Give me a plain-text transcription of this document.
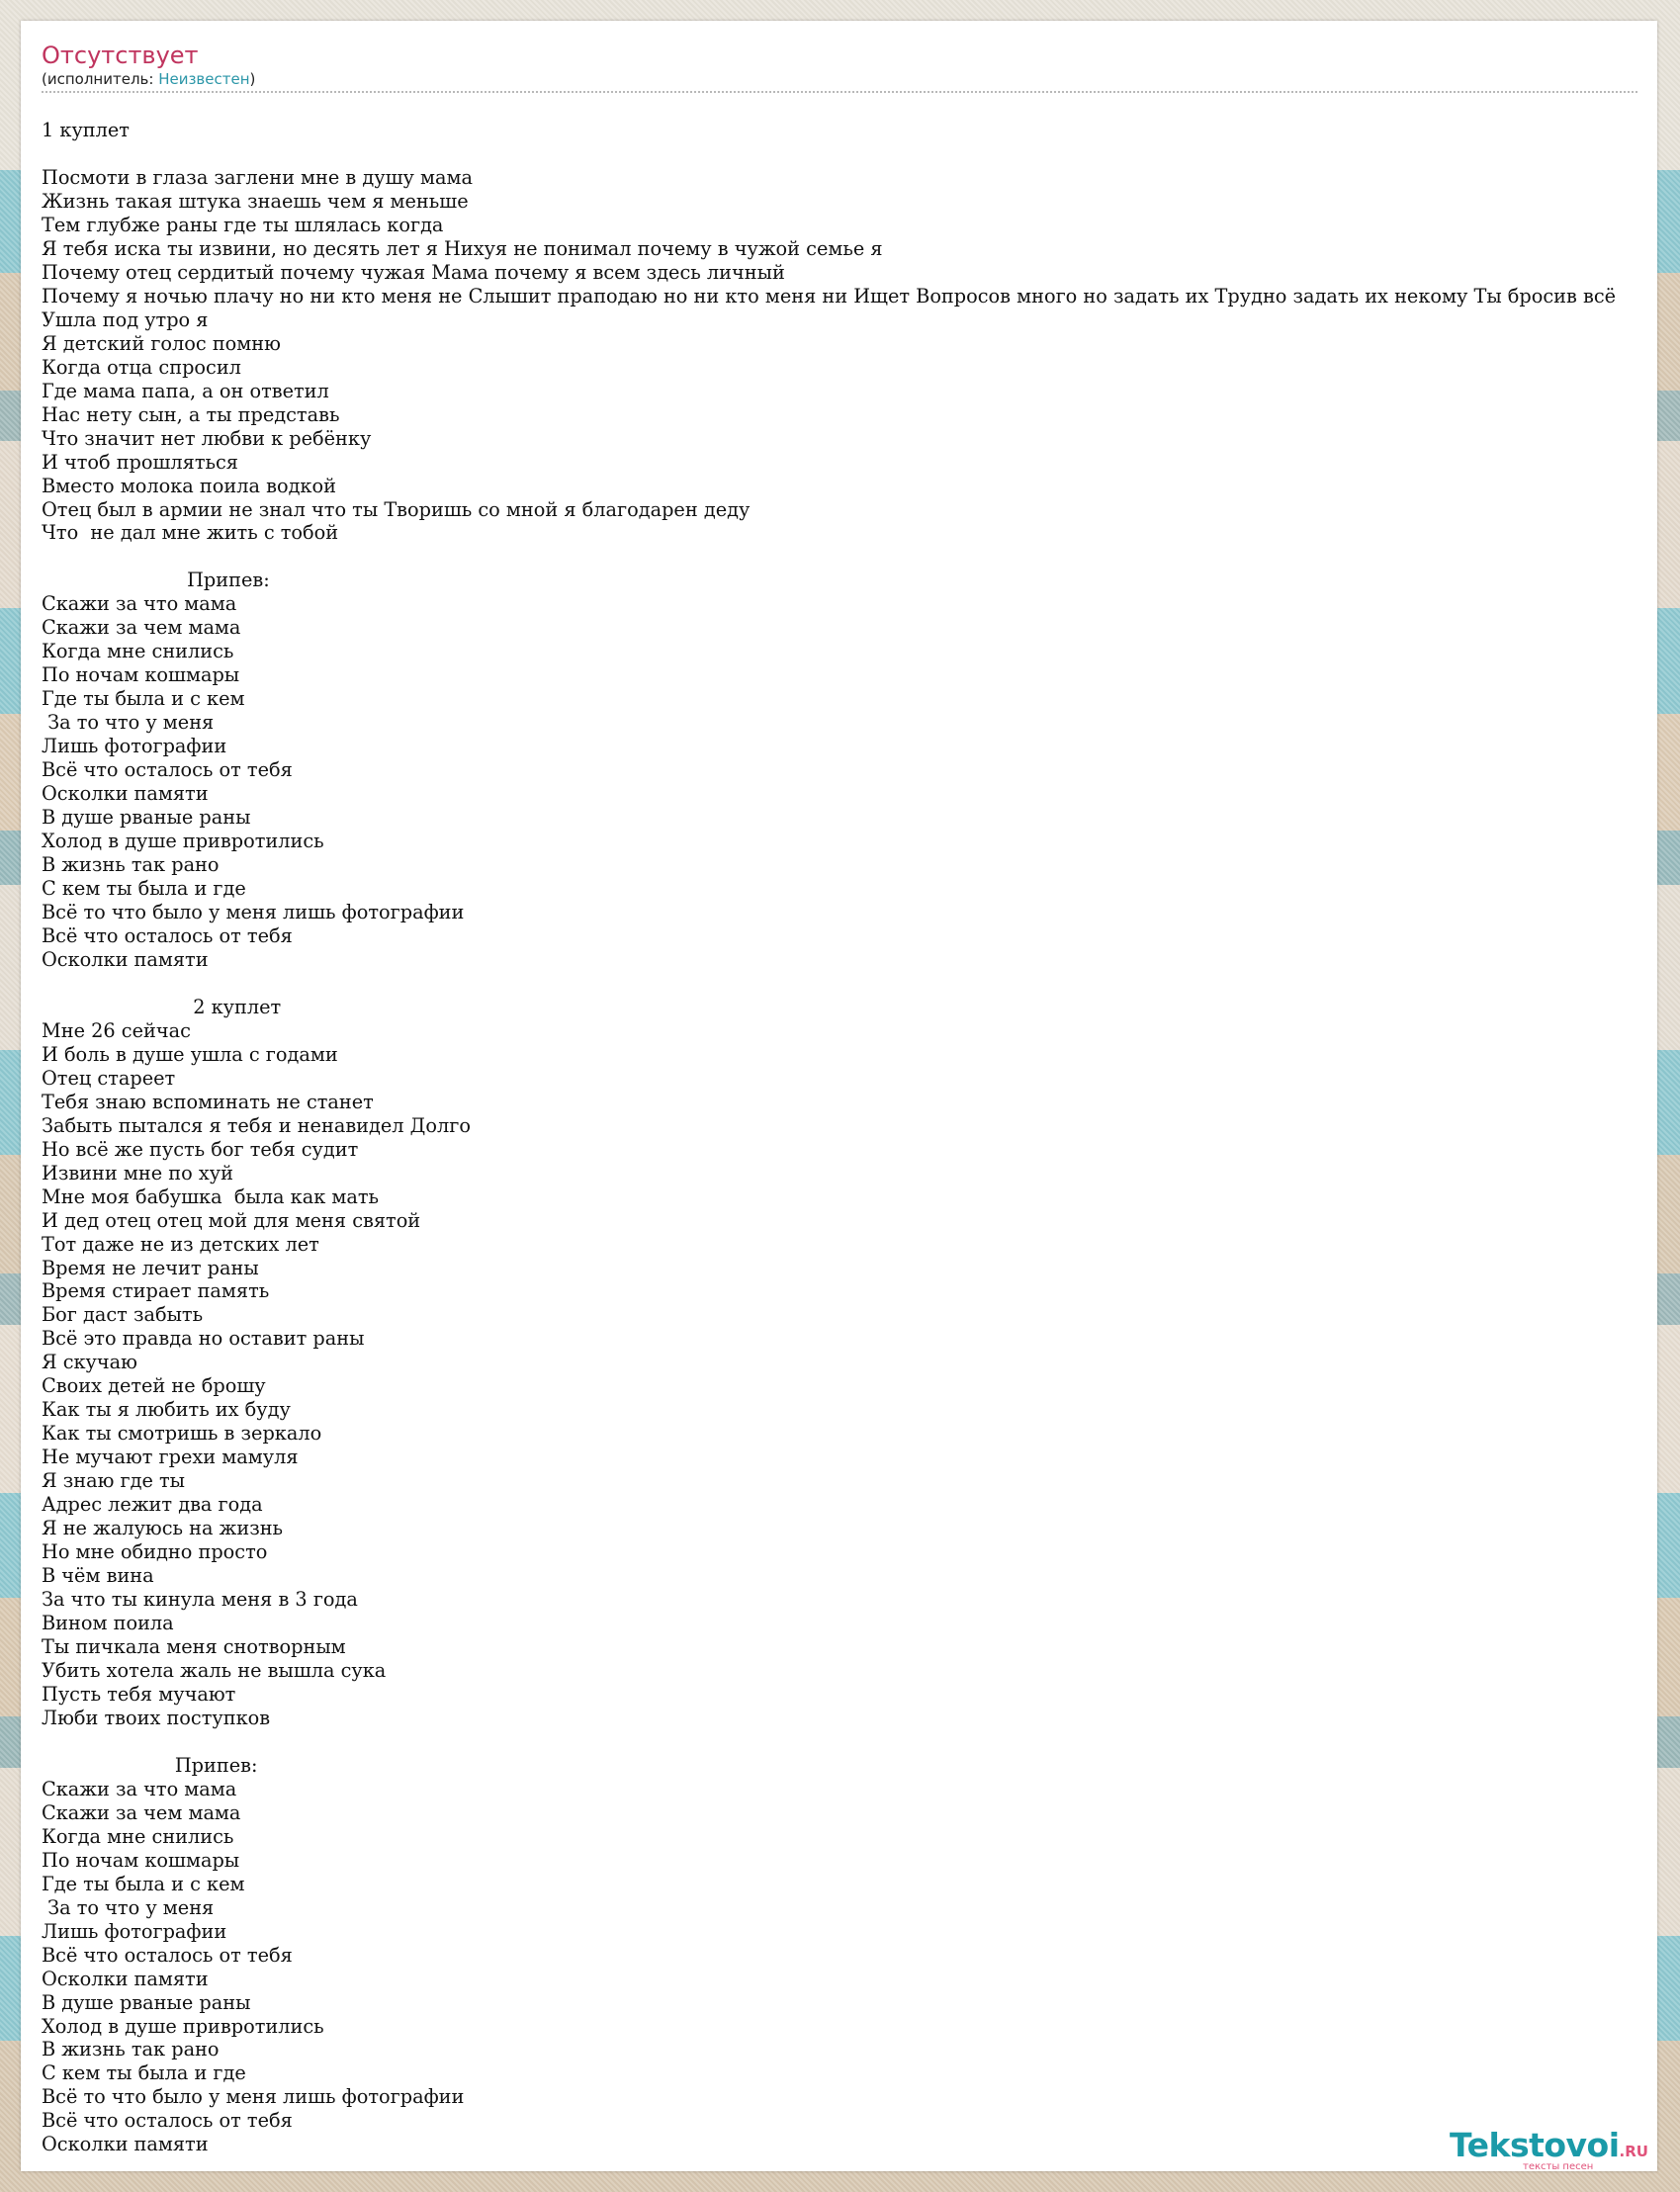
Отсутствует
(исполнитель: Неизвестен)
1 куплет
Посмоти в глаза заглени мне в душу мама
Жизнь такая штука знаешь чем я меньше
Тем глубже раны где ты шлялась когда
Я тебя иска ты извини, но десять лет я Нихуя не понимал почему в чужой семье я
Почему отец сердитый почему чужая Мама почему я всем здесь личный
Почему я ночью плачу но ни кто меня не Слышит праподаю но ни кто меня ни Ищет Вопросов много но задать их Трудно задать их некому Ты бросив всё
Ушла под утро я
Я детский голос помню
Когда отца спросил
Где мама папа, а он ответил
Нас нету сын, а ты представь
Что значит нет любви к ребёнку
И чтоб прошляться
Вместо молока поила водкой
Отец был в армии не знал что ты Творишь со мной я благодарен деду
Что  не дал мне жить с тобой
Припев:
Скажи за что мама
Скажи за чем мама
Когда мне снились
По ночам кошмары
Где ты была и с кем
За то что у меня
Лишь фотографии
Всё что осталось от тебя
Осколки памяти
В душе рваные раны
Холод в душе привротились
В жизнь так рано
С кем ты была и где
Всё то что было у меня лишь фотографии
Всё что осталось от тебя
Осколки памяти
2 куплет
Мне 26 сейчас
И боль в душе ушла с годами
Отец стареет
Тебя знаю вспоминать не станет
Забыть пытался я тебя и ненавидел Долго
Но всё же пусть бог тебя судит
Извини мне по хуй
Мне моя бабушка  была как мать
И дед отец отец мой для меня святой
Тот даже не из детских лет
Время не лечит раны
Время стирает память
Бог даст забыть
Всё это правда но оставит раны
Я скучаю
Своих детей не брошу
Как ты я любить их буду
Как ты смотришь в зеркало
Не мучают грехи мамуля
Я знаю где ты
Адрес лежит два года
Я не жалуюсь на жизнь
Но мне обидно просто
В чём вина
За что ты кинула меня в 3 года
Вином поила
Ты пичкала меня снотворным
Убить хотела жаль не вышла сука
Пусть тебя мучают
Люби твоих поступков
Припев:
Скажи за что мама
Скажи за чем мама
Когда мне снились
По ночам кошмары
Где ты была и с кем
За то что у меня
Лишь фотографии
Всё что осталось от тебя
Осколки памяти
В душе рваные раны
Холод в душе привротились
В жизнь так рано
С кем ты была и где
Всё то что было у меня лишь фотографии
Всё что осталось от тебя
Осколки памяти	Tekstovoi.RU
тексты песен
